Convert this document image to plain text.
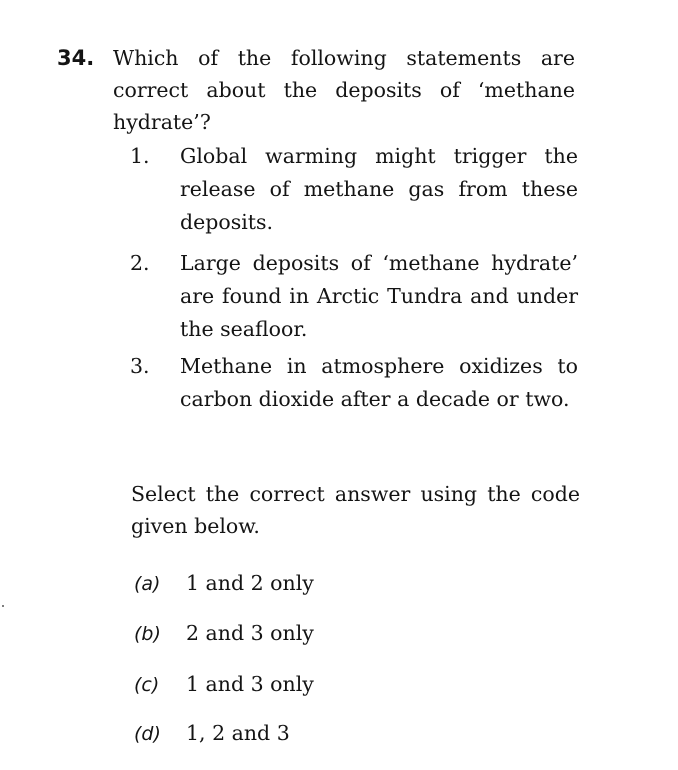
34. Which of the following statements are correct about the deposits of ‘methane hydrate’?
1.	Global warming might trigger the release of methane gas from these deposits.
2.	Large deposits of ‘methane hydrate’ are found in Arctic Tundra and under the seafloor.
3.	Methane in atmosphere oxidizes to carbon dioxide after a decade or two.
Select the correct answer using the code given below.
(a) 1 and 2 only
(b) 2 and 3 only
(c) 1 and 3 only
(d) 1, 2 and 3
